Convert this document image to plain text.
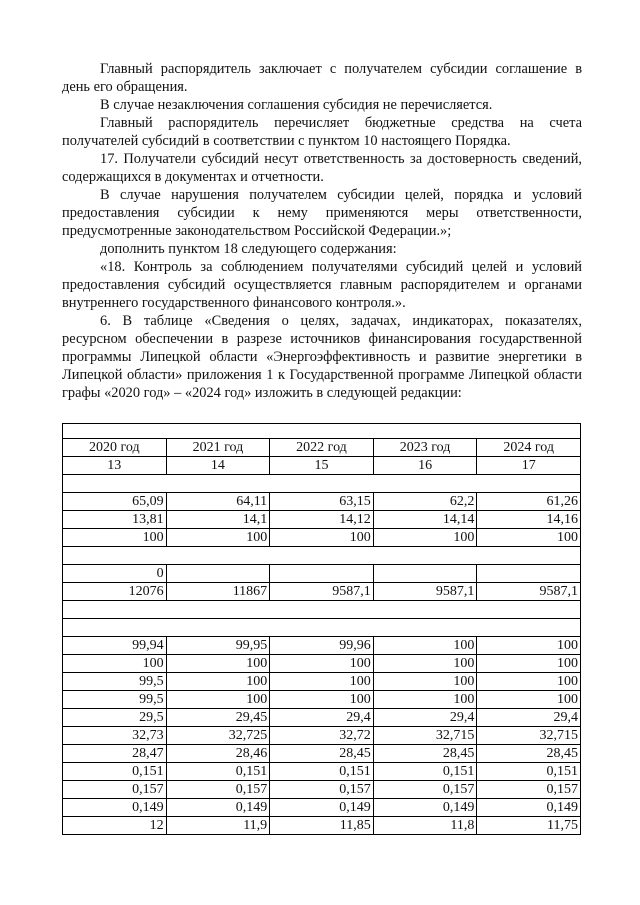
Главный распорядитель заключает с получателем субсидии соглашение в день его обращения.

В случае незаключения соглашения субсидия не перечисляется.

Главный распорядитель перечисляет бюджетные средства на счета получателей субсидий в соответствии с пунктом 10 настоящего Порядка.

17. Получатели субсидий несут ответственность за достоверность сведений, содержащихся в документах и отчетности.

В случае нарушения получателем субсидии целей, порядка и условий предоставления субсидии к нему применяются меры ответственности, предусмотренные законодательством Российской Федерации.»;

дополнить пунктом 18 следующего содержания:

«18. Контроль за соблюдением получателями субсидий целей и условий предоставления субсидий осуществляется главным распорядителем и органами внутреннего государственного финансового контроля.».

6. В таблице «Сведения о целях, задачах, индикаторах, показателях, ресурсном обеспечении в разрезе источников финансирования государственной программы Липецкой области «Энергоэффективность и развитие энергетики в Липецкой области» приложения 1 к Государственной программе Липецкой области графы «2020 год» – «2024 год» изложить в следующей редакции:

2020 год	2021 год	2022 год	2023 год	2024 год
13	14	15	16	17

65,09	64,11	63,15	62,2	61,26
13,81	14,1	14,12	14,14	14,16
100	100	100	100	100

0				
12076	11867	9587,1	9587,1	9587,1

99,94	99,95	99,96	100	100
100	100	100	100	100
99,5	100	100	100	100
99,5	100	100	100	100
29,5	29,45	29,4	29,4	29,4
32,73	32,725	32,72	32,715	32,715
28,47	28,46	28,45	28,45	28,45
0,151	0,151	0,151	0,151	0,151
0,157	0,157	0,157	0,157	0,157
0,149	0,149	0,149	0,149	0,149
12	11,9	11,85	11,8	11,75
